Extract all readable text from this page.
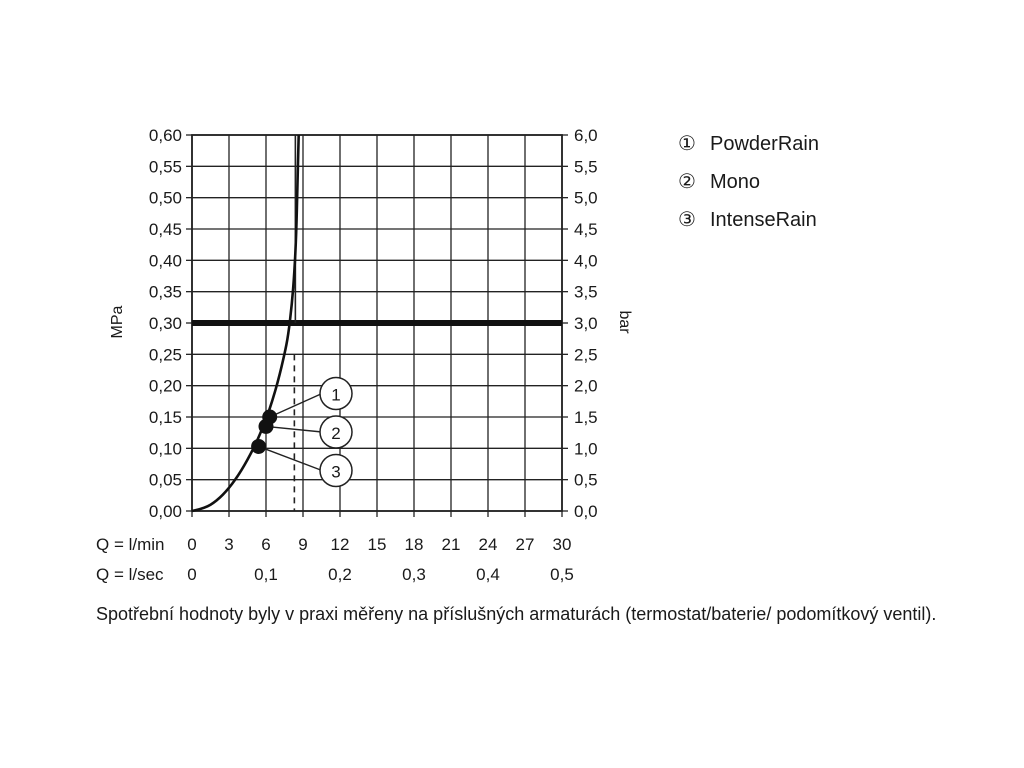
1
2
3
0,00
0,05
0,10
0,15
0,20
0,25
0,30
0,35
0,40
0,45
0,50
0,55
0,60
0,0
0,5
1,0
1,5
2,0
2,5
3,0
3,5
4,0
4,5
5,0
5,5
6,0
Q = l/min 0 3 6 9 12 15 18 21 24 27 30
Q = l/sec 0	0,1	0,2	0,3	0,4	0,5
MPa	bar
① PowderRain
② Mono
③ IntenseRain
Spotřební hodnoty byly v praxi měřeny na příslušných armaturách (termostat/baterie/ podomítkový ventil).
